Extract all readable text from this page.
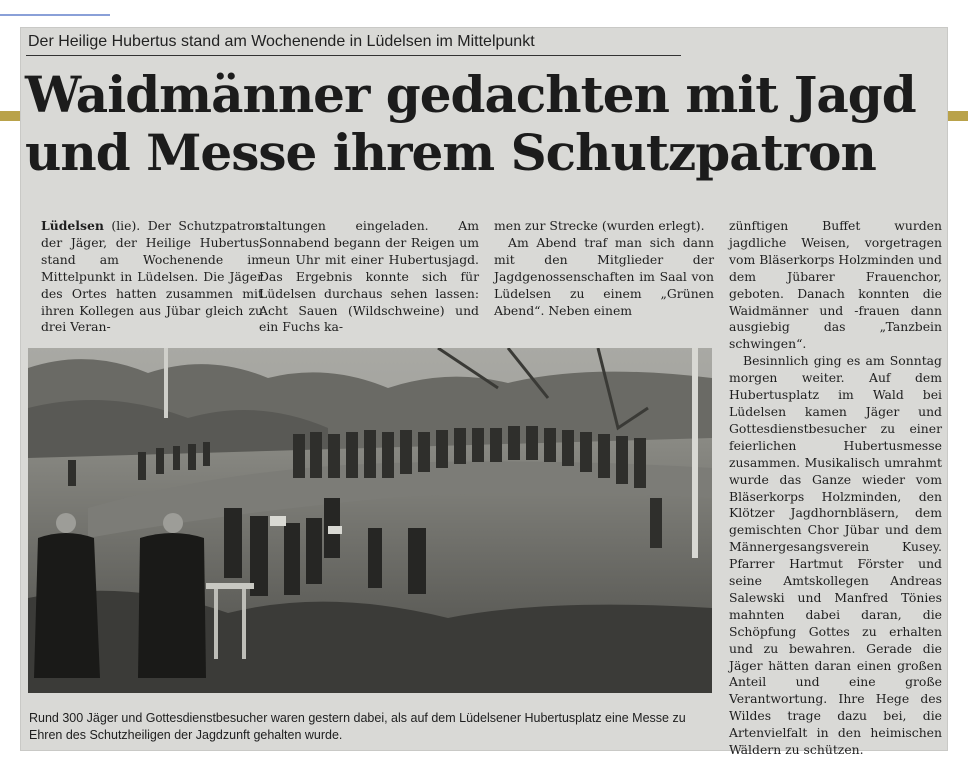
Der Heilige Hubertus stand am Wochenende in Lüdelsen im Mittelpunkt
Waidmänner gedachten mit Jagd
und Messe ihrem Schutzpatron

Lüdelsen (lie). Der Schutzpatron der Jäger, der Heilige Hubertus, stand am Wochenende im Mittelpunkt in Lüdelsen. Die Jäger des Ortes hatten zusammen mit ihren Kollegen aus Jübar gleich zu drei Veran-

staltungen eingeladen. Am Sonnabend begann der Reigen um neun Uhr mit einer Hubertusjagd. Das Ergebnis konnte sich für Lüdelsen durchaus sehen lassen: Acht Sauen (Wildschweine) und ein Fuchs ka-

men zur Strecke (wurden erlegt).

Am Abend traf man sich dann mit den Mitglieder der Jagdgenossenschaften im Saal von Lüdelsen zu einem „Grünen Abend“. Neben einem

zünftigen Buffet wurden jagdliche Weisen, vorgetragen vom Bläserkorps Holzminden und dem Jübarer Frauenchor, geboten. Danach konnten die Waidmänner und -frauen dann ausgiebig das „Tanzbein schwingen“.

Besinnlich ging es am Sonntag morgen weiter. Auf dem Hubertusplatz im Wald bei Lüdelsen kamen Jäger und Gottesdienstbesucher zu einer feierlichen Hubertusmesse zusammen. Musikalisch umrahmt wurde das Ganze wieder vom Bläserkorps Holzminden, den Klötzer Jagdhornbläsern, dem gemischten Chor Jübar und dem Männergesangsverein Kusey. Pfarrer Hartmut Förster und seine Amtskollegen Andreas Salewski und Manfred Tönies mahnten dabei daran, die Schöpfung Gottes zu erhalten und zu bewahren. Gerade die Jäger hätten daran einen großen Anteil und eine große Verantwortung. Ihre Hege des Wildes trage dazu bei, die Artenvielfalt in den heimischen Wäldern zu schützen.

Rund 300 Jäger und Gottesdienstbesucher waren gestern dabei, als auf dem Lüdelsener Hubertusplatz eine Messe zu Ehren des Schutzheiligen der Jagdzunft gehalten wurde.
